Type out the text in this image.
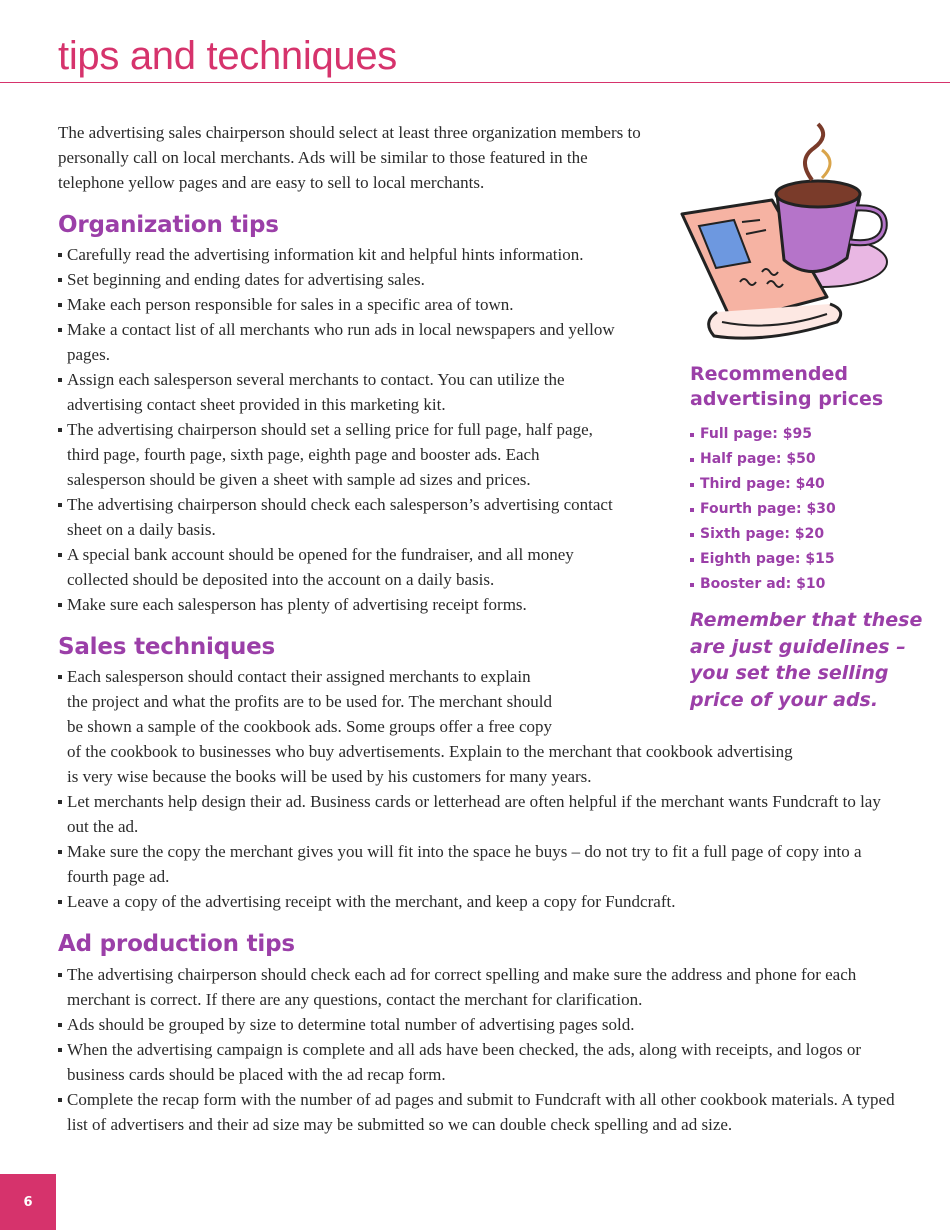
tips and techniques

The advertising sales chairperson should select at least three organization members to personally call on local merchants. Ads will be similar to those featured in the telephone yellow pages and are easy to sell to local merchants.

Organization tips
Carefully read the advertising information kit and helpful hints information.
Set beginning and ending dates for advertising sales.
Make each person responsible for sales in a specific area of town.
Make a contact list of all merchants who run ads in local newspapers and yellow pages.
Assign each salesperson several merchants to contact. You can utilize the advertising contact sheet provided in this marketing kit.
The advertising chairperson should set a selling price for full page, half page, third page, fourth page, sixth page, eighth page and booster ads. Each salesperson should be given a sheet with sample ad sizes and prices.
The advertising chairperson should check each salesperson’s advertising contact sheet on a daily basis.
A special bank account should be opened for the fundraiser, and all money collected should be deposited into the account on a daily basis.
Make sure each salesperson has plenty of advertising receipt forms.
Sales techniques
Each salesperson should contact their assigned merchants to explain
the project and what the profits are to be used for. The merchant should
be shown a sample of the cookbook ads. Some groups offer a free copy
of the cookbook to businesses who buy advertisements. Explain to the merchant that cookbook advertising
is very wise because the books will be used by his customers for many years.
Let merchants help design their ad. Business cards or letterhead are often helpful if the merchant wants Fundcraft to lay out the ad.
Make sure the copy the merchant gives you will fit into the space he buys – do not try to fit a full page of copy into a fourth page ad.
Leave a copy of the advertising receipt with the merchant, and keep a copy for Fundcraft.
Ad production tips
The advertising chairperson should check each ad for correct spelling and make sure the address and phone for each merchant is correct. If there are any questions, contact the merchant for clarification.
Ads should be grouped by size to determine total number of advertising pages sold.
When the advertising campaign is complete and all ads have been checked, the ads, along with receipts, and logos or business cards should be placed with the ad recap form.
Complete the recap form with the number of ad pages and submit to Fundcraft with all other cookbook materials. A typed list of advertisers and their ad size may be submitted so we can double check spelling and ad size.
Recommended advertising prices
Full page: $95
Half page: $50
Third page: $40
Fourth page: $30
Sixth page: $20
Eighth page: $15
Booster ad: $10

Remember that these are just guidelines – you set the selling price of your ads.

6
